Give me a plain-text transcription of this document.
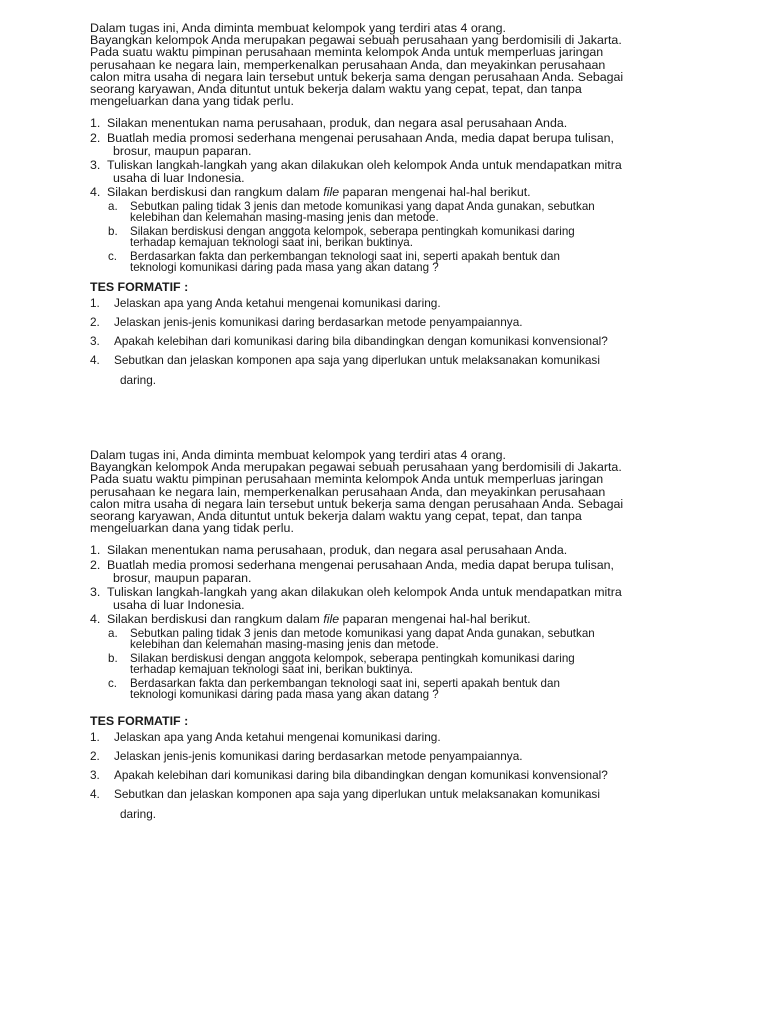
Dalam tugas ini, Anda diminta membuat kelompok yang terdiri atas 4 orang.

Bayangkan kelompok Anda merupakan pegawai sebuah perusahaan yang berdomisili di Jakarta.

Pada suatu waktu pimpinan perusahaan meminta kelompok Anda untuk memperluas jaringan

perusahaan ke negara lain, memperkenalkan perusahaan Anda, dan meyakinkan perusahaan

calon mitra usaha di negara lain tersebut untuk bekerja sama dengan perusahaan Anda. Sebagai

seorang karyawan, Anda dituntut untuk bekerja dalam waktu yang cepat, tepat, dan tanpa

mengeluarkan dana yang tidak perlu.

1. Silakan menentukan nama perusahaan, produk, dan negara asal perusahaan Anda.
2. Buatlah media promosi sederhana mengenai perusahaan Anda, media dapat berupa tulisan,
brosur, maupun paparan.
3. Tuliskan langkah-langkah yang akan dilakukan oleh kelompok Anda untuk mendapatkan mitra
usaha di luar Indonesia.
4. Silakan berdiskusi dan rangkum dalam file paparan mengenai hal-hal berikut.
a. Sebutkan paling tidak 3 jenis dan metode komunikasi yang dapat Anda gunakan, sebutkan
kelebihan dan kelemahan masing-masing jenis dan metode.
b. Silakan berdiskusi dengan anggota kelompok, seberapa pentingkah komunikasi daring
terhadap kemajuan teknologi saat ini, berikan buktinya.
c. Berdasarkan fakta dan perkembangan teknologi saat ini, seperti apakah bentuk dan
teknologi komunikasi daring pada masa yang akan datang ?
TES FORMATIF :
1. Jelaskan apa yang Anda ketahui mengenai komunikasi daring.
2. Jelaskan jenis-jenis komunikasi daring berdasarkan metode penyampaiannya.
3. Apakah kelebihan dari komunikasi daring bila dibandingkan dengan komunikasi konvensional?
4. Sebutkan dan jelaskan komponen apa saja yang diperlukan untuk melaksanakan komunikasi
daring.

Dalam tugas ini, Anda diminta membuat kelompok yang terdiri atas 4 orang.

Bayangkan kelompok Anda merupakan pegawai sebuah perusahaan yang berdomisili di Jakarta.

Pada suatu waktu pimpinan perusahaan meminta kelompok Anda untuk memperluas jaringan

perusahaan ke negara lain, memperkenalkan perusahaan Anda, dan meyakinkan perusahaan

calon mitra usaha di negara lain tersebut untuk bekerja sama dengan perusahaan Anda. Sebagai

seorang karyawan, Anda dituntut untuk bekerja dalam waktu yang cepat, tepat, dan tanpa

mengeluarkan dana yang tidak perlu.

1. Silakan menentukan nama perusahaan, produk, dan negara asal perusahaan Anda.
2. Buatlah media promosi sederhana mengenai perusahaan Anda, media dapat berupa tulisan,
brosur, maupun paparan.
3. Tuliskan langkah-langkah yang akan dilakukan oleh kelompok Anda untuk mendapatkan mitra
usaha di luar Indonesia.
4. Silakan berdiskusi dan rangkum dalam file paparan mengenai hal-hal berikut.
a. Sebutkan paling tidak 3 jenis dan metode komunikasi yang dapat Anda gunakan, sebutkan
kelebihan dan kelemahan masing-masing jenis dan metode.
b. Silakan berdiskusi dengan anggota kelompok, seberapa pentingkah komunikasi daring
terhadap kemajuan teknologi saat ini, berikan buktinya.
c. Berdasarkan fakta dan perkembangan teknologi saat ini, seperti apakah bentuk dan
teknologi komunikasi daring pada masa yang akan datang ?
TES FORMATIF :
1. Jelaskan apa yang Anda ketahui mengenai komunikasi daring.
2. Jelaskan jenis-jenis komunikasi daring berdasarkan metode penyampaiannya.
3. Apakah kelebihan dari komunikasi daring bila dibandingkan dengan komunikasi konvensional?
4. Sebutkan dan jelaskan komponen apa saja yang diperlukan untuk melaksanakan komunikasi
daring.
